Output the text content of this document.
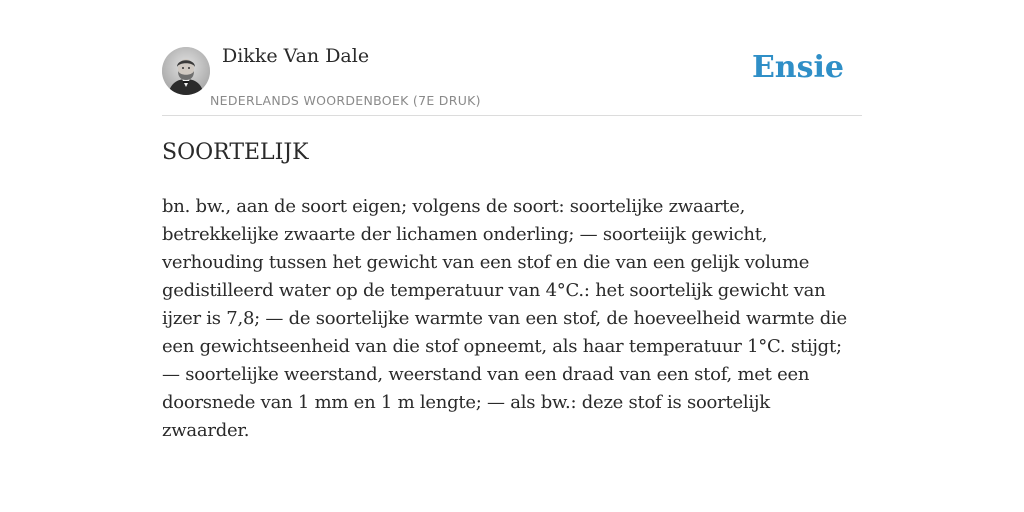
Dikke Van Dale
NEDERLANDS WOORDENBOEK (7E DRUK)
Ensie
SOORTELIJK

bn. bw., aan de soort eigen; volgens de soort: soortelijke zwaarte, betrekkelijke zwaarte der lichamen onderling; — soorteiijk gewicht, verhouding tussen het gewicht van een stof en die van een gelijk volume gedistilleerd water op de temperatuur van 4°C.: het soortelijk gewicht van ijzer is 7,8; — de soortelijke warmte van een stof, de hoeveelheid warmte die een gewichtseenheid van die stof opneemt, als haar temperatuur 1°C. stijgt; — soortelijke weerstand, weerstand van een draad van een stof, met een doorsnede van 1 mm en 1 m lengte; — als bw.: deze stof is soortelijk zwaarder.
